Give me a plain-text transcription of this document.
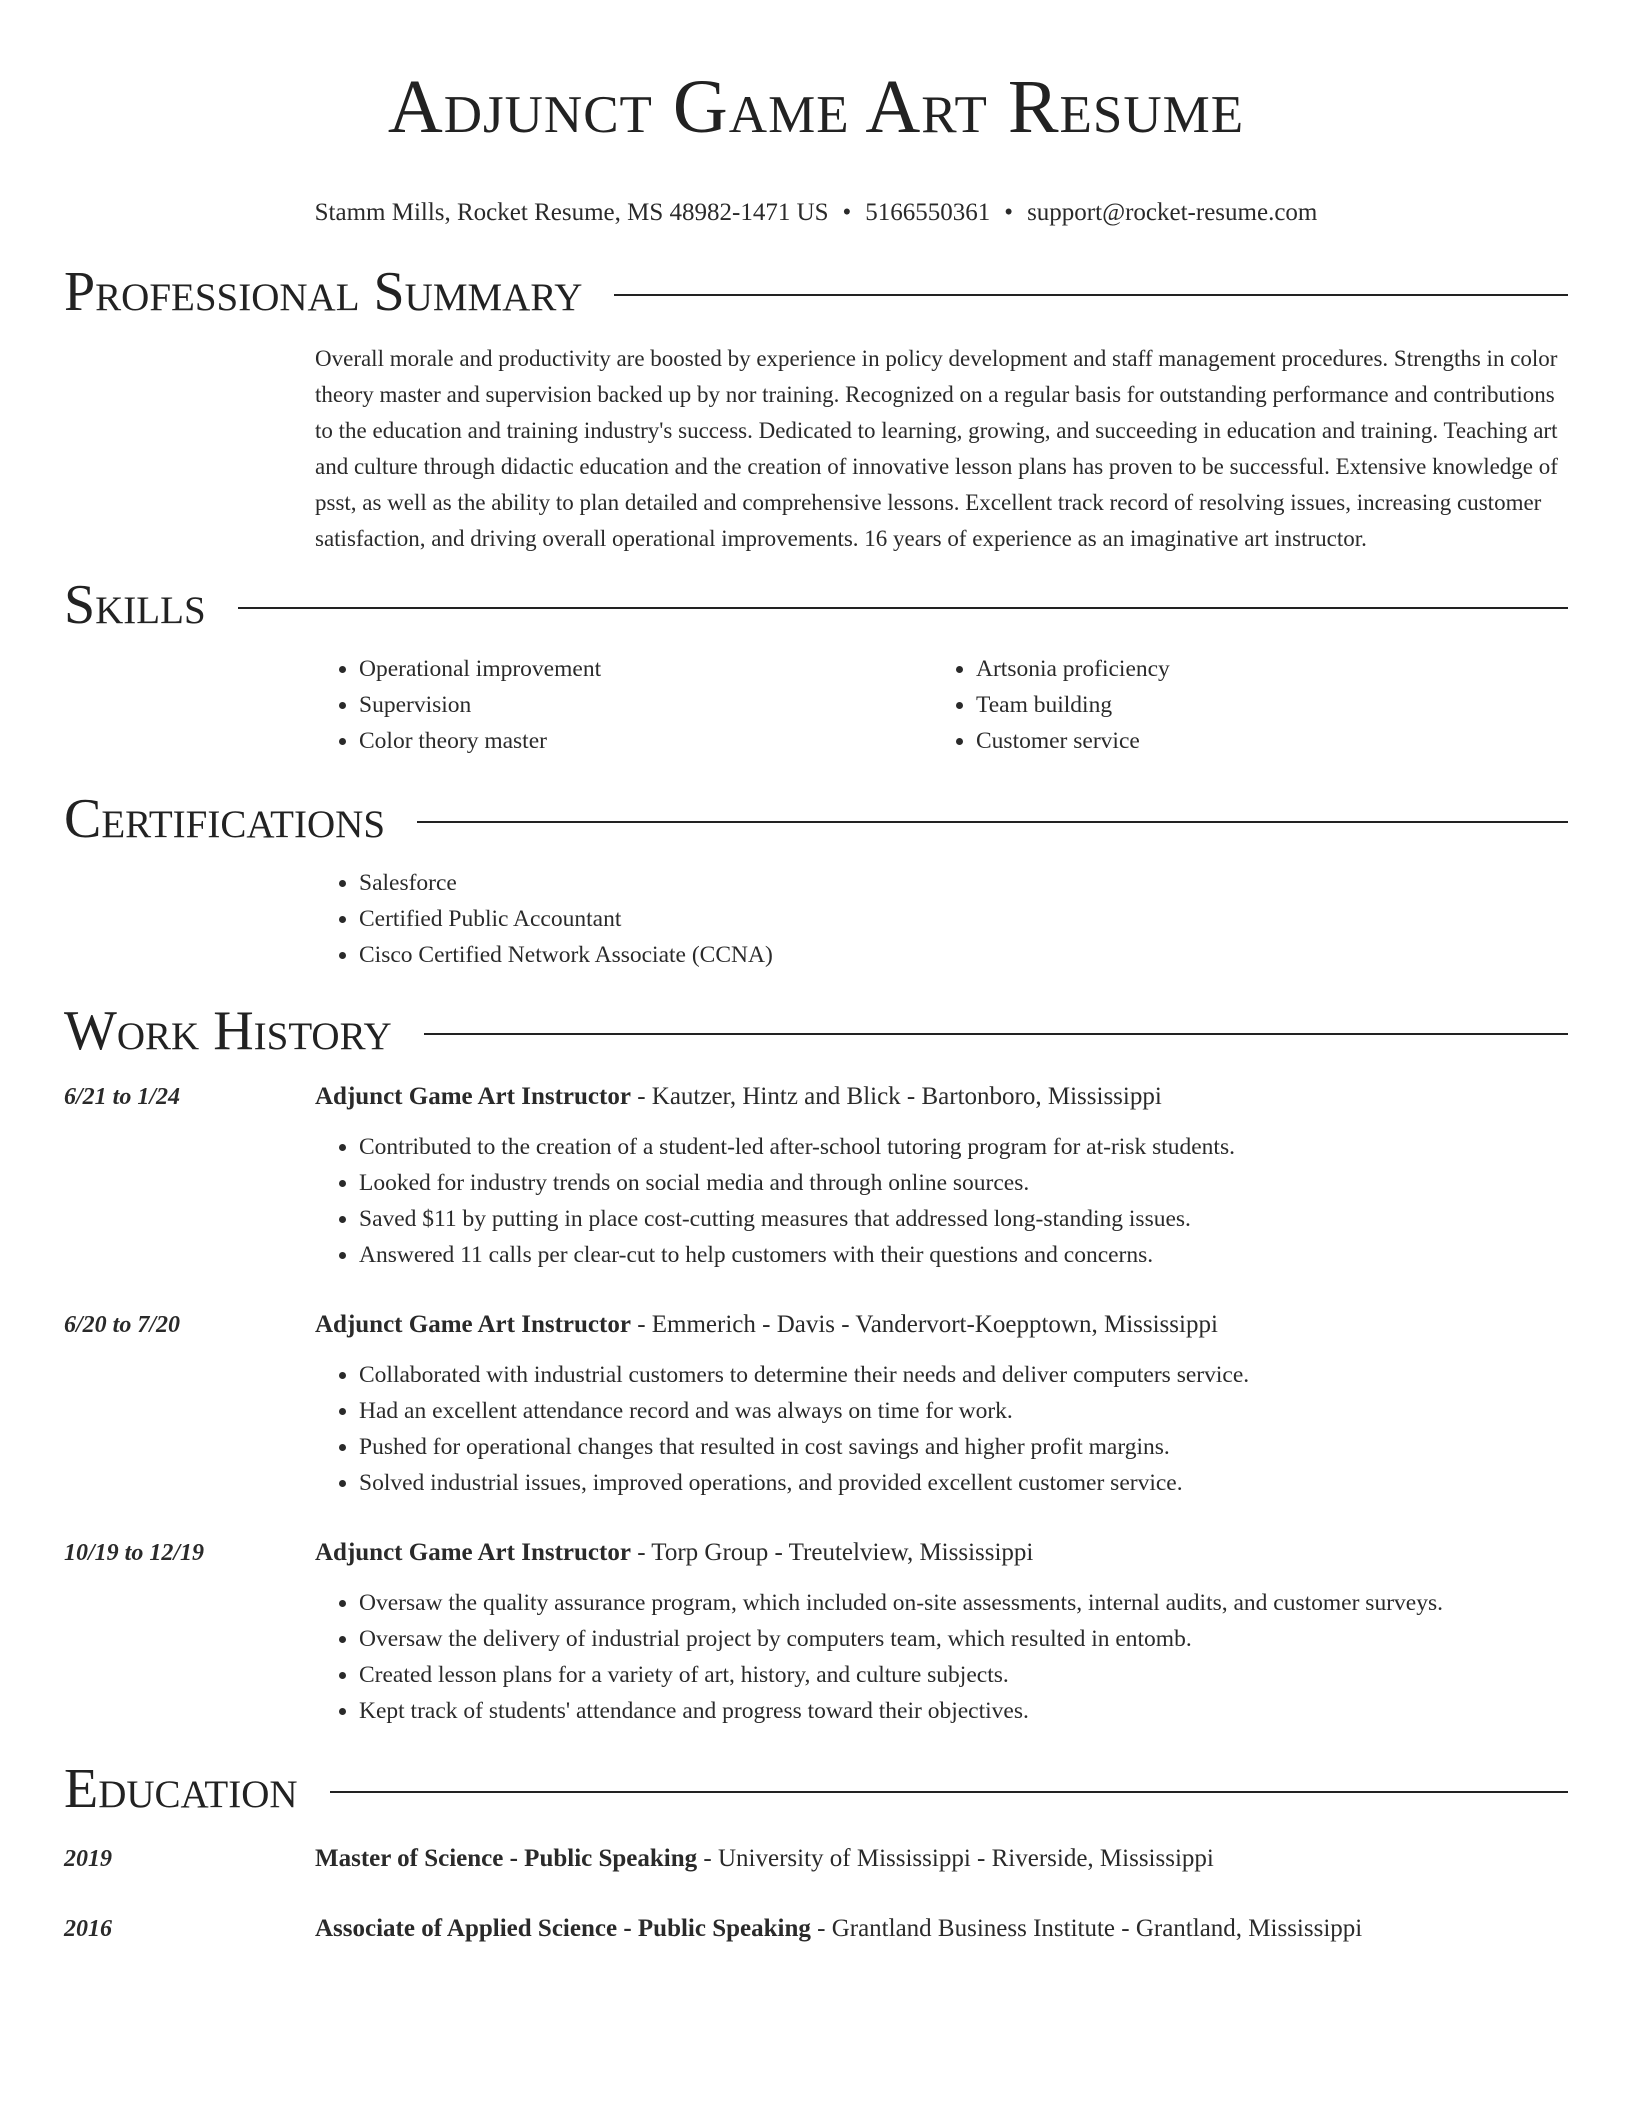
Adjunct Game Art Resume
Stamm Mills, Rocket Resume, MS 48982-1471 US • 5166550361 • support@rocket-resume.com
Professional Summary
Overall morale and productivity are boosted by experience in policy development and staff management procedures. Strengths in color theory master and supervision backed up by nor training. Recognized on a regular basis for outstanding performance and contributions to the education and training industry's success. Dedicated to learning, growing, and succeeding in education and training. Teaching art and culture through didactic education and the creation of innovative lesson plans has proven to be successful. Extensive knowledge of psst, as well as the ability to plan detailed and comprehensive lessons. Excellent track record of resolving issues, increasing customer satisfaction, and driving overall operational improvements. 16 years of experience as an imaginative art instructor.
Skills
• Operational improvement
• Supervision
• Color theory master
• Artsonia proficiency
• Team building
• Customer service
Certifications
• Salesforce
• Certified Public Accountant
• Cisco Certified Network Associate (CCNA)
Work History
6/21 to 1/24	Adjunct Game Art Instructor - Kautzer, Hintz and Blick - Bartonboro, Mississippi
• Contributed to the creation of a student-led after-school tutoring program for at-risk students.
• Looked for industry trends on social media and through online sources.
• Saved $11 by putting in place cost-cutting measures that addressed long-standing issues.
• Answered 11 calls per clear-cut to help customers with their questions and concerns.
6/20 to 7/20	Adjunct Game Art Instructor - Emmerich - Davis - Vandervort-Koepptown, Mississippi
• Collaborated with industrial customers to determine their needs and deliver computers service.
• Had an excellent attendance record and was always on time for work.
• Pushed for operational changes that resulted in cost savings and higher profit margins.
• Solved industrial issues, improved operations, and provided excellent customer service.
10/19 to 12/19	Adjunct Game Art Instructor - Torp Group - Treutelview, Mississippi
• Oversaw the quality assurance program, which included on-site assessments, internal audits, and customer surveys.
• Oversaw the delivery of industrial project by computers team, which resulted in entomb.
• Created lesson plans for a variety of art, history, and culture subjects.
• Kept track of students' attendance and progress toward their objectives.
Education
2019	Master of Science - Public Speaking - University of Mississippi - Riverside, Mississippi
2016	Associate of Applied Science - Public Speaking - Grantland Business Institute - Grantland, Mississippi
